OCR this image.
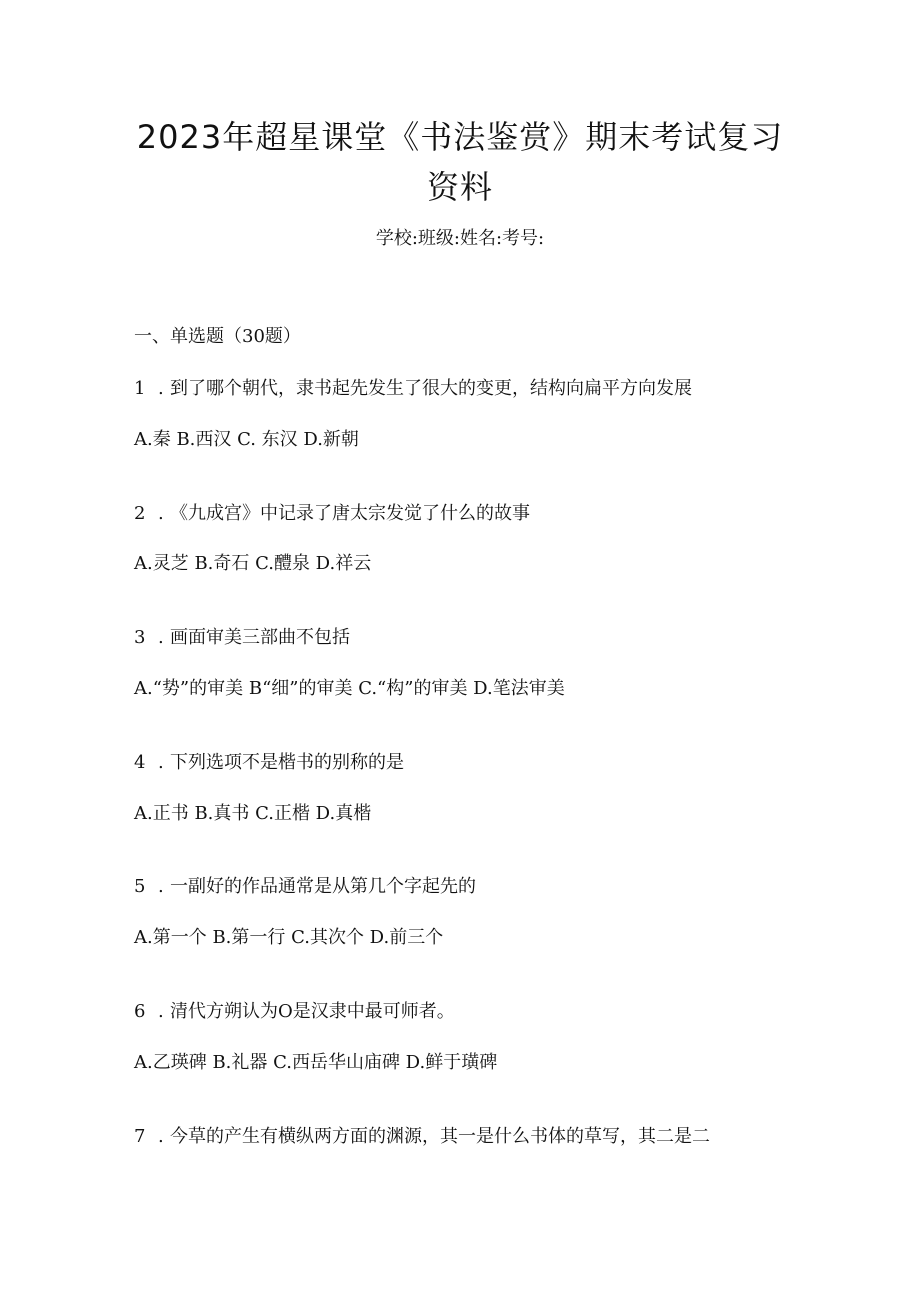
2023年超星课堂《书法鉴赏》期末考试复习
资料
学校:班级:姓名:考号:
一、单选题（30题）
1 . 到了哪个朝代，隶书起先发生了很大的变更，结构向扁平方向发展
A.秦 B.西汉 C. 东汉 D.新朝
2 . 《九成宫》中记录了唐太宗发觉了什么的故事
A.灵芝 B.奇石 C.醴泉 D.祥云
3 . 画面审美三部曲不包括
A.“势”的审美 B“细”的审美 C.“构”的审美 D.笔法审美
4 . 下列选项不是楷书的别称的是
A.正书 B.真书 C.正楷 D.真楷
5 . 一副好的作品通常是从第几个字起先的
A.第一个 B.第一行 C.其次个 D.前三个
6 . 清代方朔认为O是汉隶中最可师者。
A.乙瑛碑 B.礼器 C.西岳华山庙碑 D.鲜于璜碑
7 . 今草的产生有横纵两方面的渊源，其一是什么书体的草写，其二是二
